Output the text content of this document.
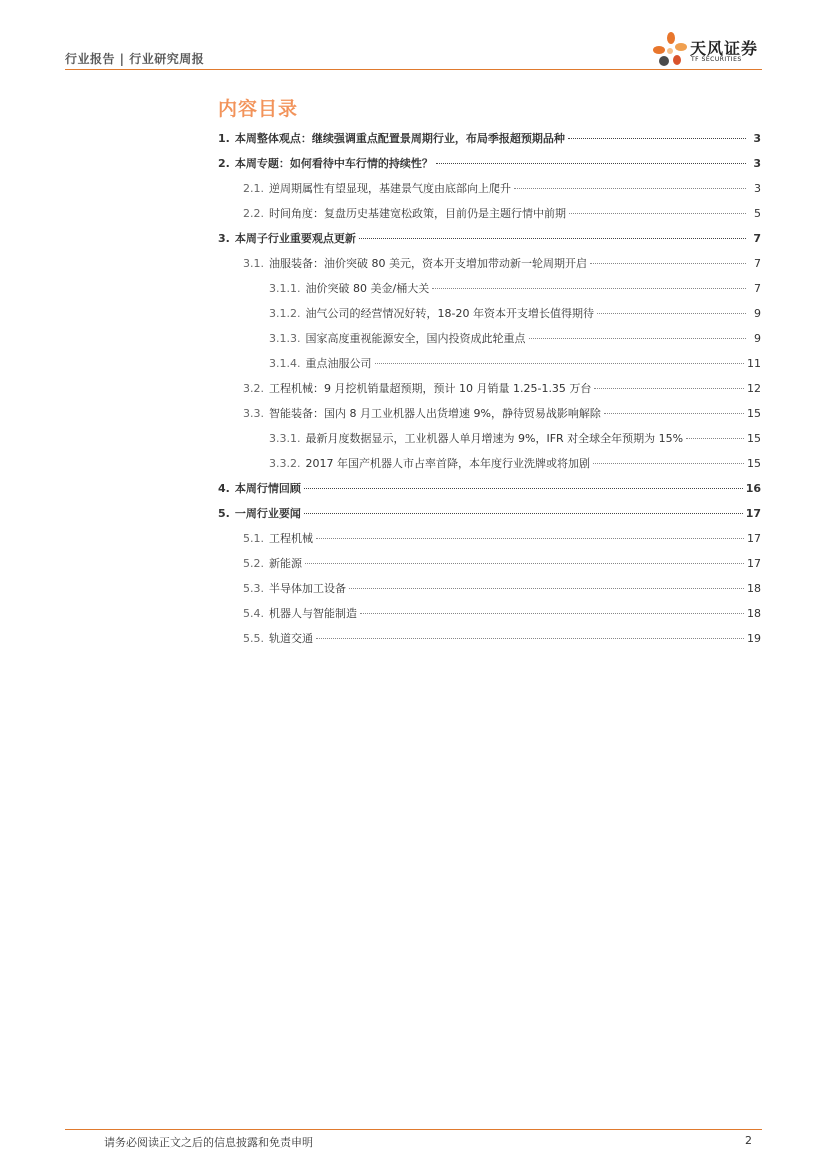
行业报告 | 行业研究周报
天风证券
TF SECURITIES
内容目录
1. 本周整体观点：继续强调重点配置景周期行业，布局季报超预期品种	3
2. 本周专题：如何看待中车行情的持续性？	3
2.1. 逆周期属性有望显现，基建景气度由底部向上爬升	3
2.2. 时间角度：复盘历史基建宽松政策，目前仍是主题行情中前期	5
3. 本周子行业重要观点更新	7
3.1. 油服装备：油价突破 80 美元，资本开支增加带动新一轮周期开启	7
3.1.1. 油价突破 80 美金/桶大关	7
3.1.2. 油气公司的经营情况好转，18-20 年资本开支增长值得期待	9
3.1.3. 国家高度重视能源安全，国内投资成此轮重点	9
3.1.4. 重点油服公司	11
3.2. 工程机械：9 月挖机销量超预期，预计 10 月销量 1.25-1.35 万台	12
3.3. 智能装备：国内 8 月工业机器人出货增速 9%，静待贸易战影响解除	15
3.3.1. 最新月度数据显示，工业机器人单月增速为 9%，IFR 对全球全年预期为 15%	15
3.3.2. 2017 年国产机器人市占率首降，本年度行业洗牌或将加剧	15
4. 本周行情回顾	16
5. 一周行业要闻	17
5.1. 工程机械	17
5.2. 新能源	17
5.3. 半导体加工设备	18
5.4. 机器人与智能制造	18
5.5. 轨道交通	19
请务必阅读正文之后的信息披露和免责申明	2
